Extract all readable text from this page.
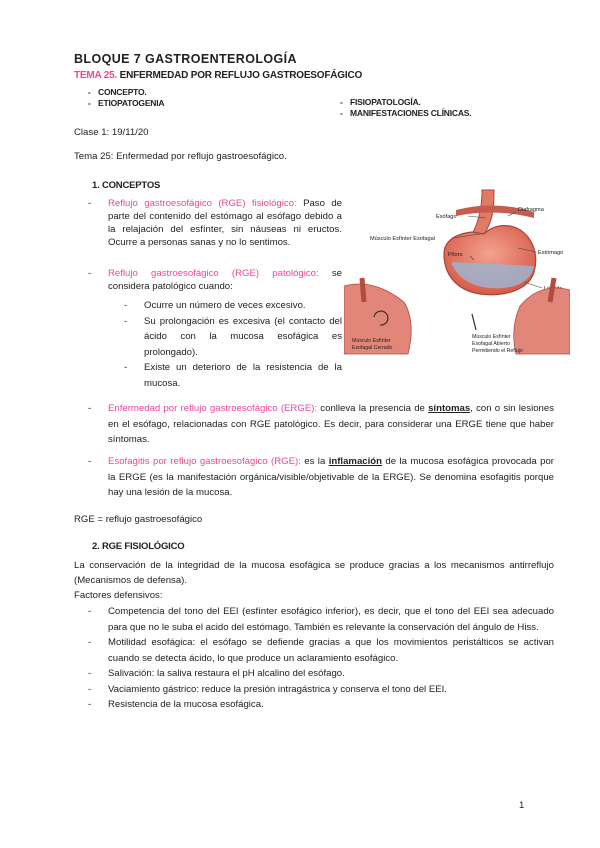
BLOQUE 7 GASTROENTEROLOGÍA
TEMA 25. ENFERMEDAD POR REFLUJO GASTROESOFÁGICO
- CONCEPTO.
- ETIOPATOGENIA
-	FISIOPATOLOGÍA.
- MANIFESTACIONES CLÍNICAS.
Clase 1: 19/11/20
Tema 25: Enfermedad por reflujo gastroesofágico.
1. CONCEPTOS
- Reflujo gastroesofágico (RGE) fisiológico: Paso de parte del contenido del estómago al esófago debido a la relajación del esfínter, sin náuseas ni eructos. Ocurre a personas sanas y no lo sentimos.
- Reflujo gastroesofágico (RGE) patológico: se considera patológico cuando:
- Ocurre un número de veces excesivo.
- Su prolongación es excesiva (el contacto del ácido con la mucosa esofágica es prolongado).
- Existe un deterioro de la resistencia de la mucosa.
- Enfermedad por reflujo gastroesofágico (ERGE): conlleva la presencia de síntomas, con o sin lesiones en el esófago, relacionadas con RGE patológico. Es decir, para considerar una ERGE tiene que haber síntomas.
- Esofagitis por reflujo gastroesofágico (RGE): es la inflamación de la mucosa esofágica provocada por la ERGE (es la manifestación orgánica/visible/objetivable de la ERGE). Se denomina esofagitis porque hay una lesión de la mucosa.
RGE = reflujo gastroesofágico
2. RGE FISIOLÓGICO
La conservación de la integridad de la mucosa esofágica se produce gracias a los mecanismos antirreflujo (Mecanismos de defensa).
Factores defensivos:
- Competencia del tono del EEI (esfínter esofágico inferior), es decir, que el tono del EEI sea adecuado para que no le suba el acido del estómago. También es relevante la conservación del ángulo de Hiss.
- Motilidad esofágica: el esófago se defiende gracias a que los movimientos peristálticos se activan cuando se detecta ácido, lo que produce un aclaramiento esofágico.
- Salivación: la saliva restaura el pH alcalino del esófago.
- Vaciamiento gástrico: reduce la presión intragástrica y conserva el tono del EEI.
- Resistencia de la mucosa esofágica.
Esófago
Diafragma
Músculo Esfínter Esofagal
Estómago
Píloro
Músculo Esfínter
Esofagal Cerrado
Músculo Esfínter
Esofagal Abierto
Permitiendo el Reflujo
1
